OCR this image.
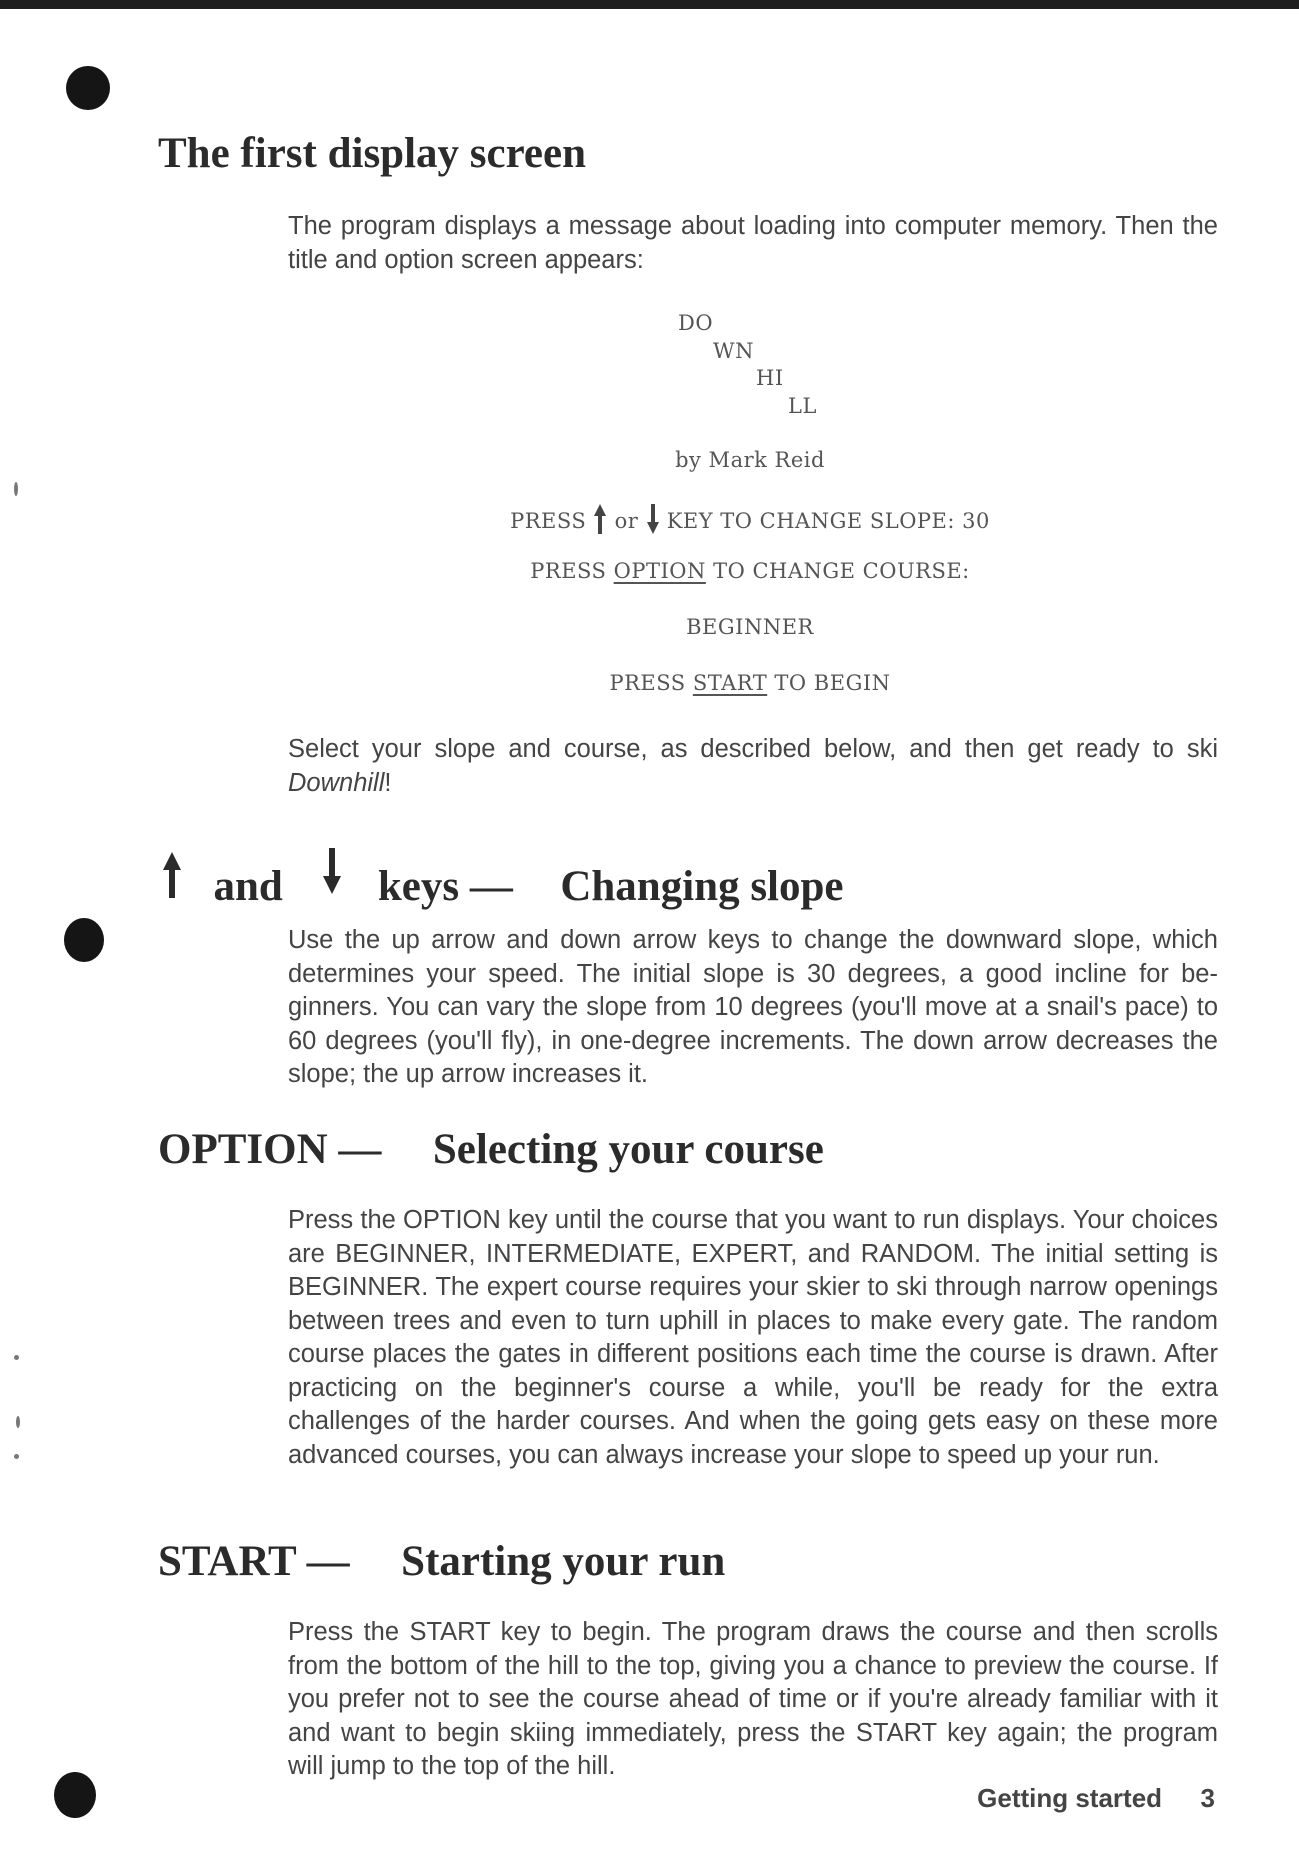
The first display screen

The program displays a message about loading into computer memory. Then the title and option screen appears:

DO
WN
HI
LL
by Mark Reid
PRESS or KEY TO CHANGE SLOPE: 30
PRESS OPTION TO CHANGE COURSE:
BEGINNER
PRESS START TO BEGIN

Select your slope and course, as described below, and then get ready to ski Downhill!

and keys — Changing slope

Use the up arrow and down arrow keys to change the downward slope, which determines your speed. The initial slope is 30 degrees, a good incline for beginners. You can vary the slope from 10 degrees (you'll move at a snail's pace) to 60 degrees (you'll fly), in one-degree increments. The down arrow decreases the slope; the up arrow increases it.

OPTION — Selecting your course

Press the OPTION key until the course that you want to run displays. Your choices are BEGINNER, INTERMEDIATE, EXPERT, and RANDOM. The initial setting is BEGINNER. The expert course requires your skier to ski through narrow openings between trees and even to turn uphill in places to make every gate. The random course places the gates in different positions each time the course is drawn. After practicing on the beginner's course a while, you'll be ready for the extra challenges of the harder courses. And when the going gets easy on these more advanced courses, you can always increase your slope to speed up your run.

START — Starting your run

Press the START key to begin. The program draws the course and then scrolls from the bottom of the hill to the top, giving you a chance to preview the course. If you prefer not to see the course ahead of time or if you're already familiar with it and want to begin skiing immediately, press the START key again; the program will jump to the top of the hill.

Getting started 3
